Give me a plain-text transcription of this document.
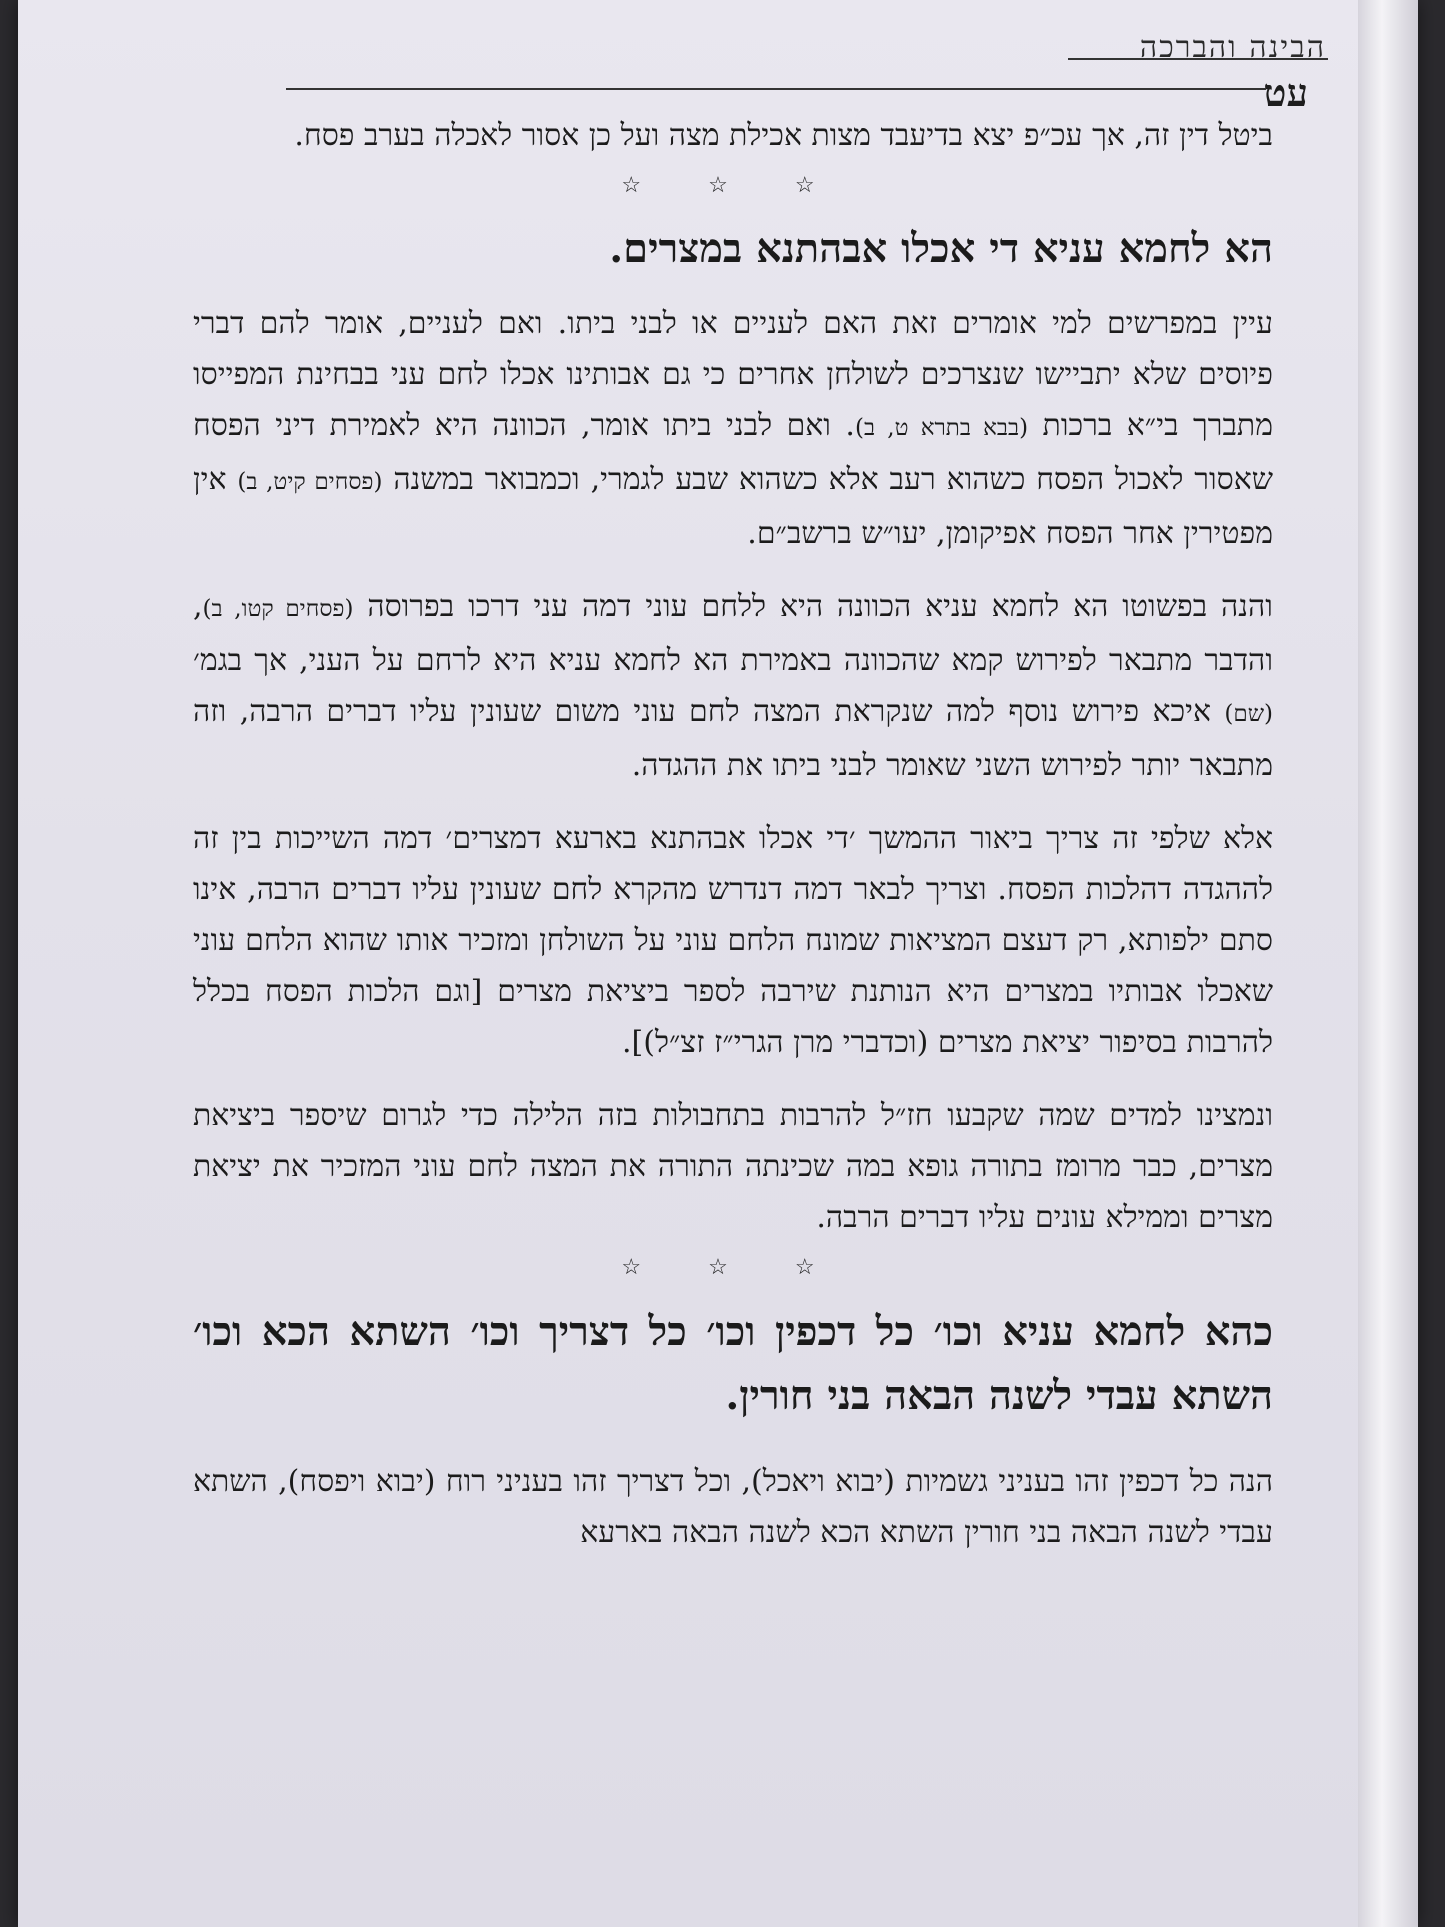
הבינה והברכה
עט

ביטל דין זה, אך עכ״פ יצא בדיעבד מצות אכילת מצה ועל כן אסור לאכלה בערב פסח.

☆ ☆ ☆
הא לחמא עניא די אכלו אבהתנא במצרים.

עיין במפרשים למי אומרים זאת האם לעניים או לבני ביתו. ואם לעניים, אומר להם דברי פיוסים שלא יתביישו שנצרכים לשולחן אחרים כי גם אבותינו אכלו לחם עני בבחינת המפייסו מתברך בי״א ברכות (בבא בתרא ט, ב). ואם לבני ביתו אומר, הכוונה היא לאמירת דיני הפסח שאסור לאכול הפסח כשהוא רעב אלא כשהוא שבע לגמרי, וכמבואר במשנה (פסחים קיט, ב) אין מפטירין אחר הפסח אפיקומן, יעו״ש ברשב״ם.

והנה בפשוטו הא לחמא עניא הכוונה היא ללחם עוני דמה עני דרכו בפרוסה (פסחים קטו, ב), והדבר מתבאר לפירוש קמא שהכוונה באמירת הא לחמא עניא היא לרחם על העני, אך בגמ׳ (שם) איכא פירוש נוסף למה שנקראת המצה לחם עוני משום שעונין עליו דברים הרבה, וזה מתבאר יותר לפירוש השני שאומר לבני ביתו את ההגדה.

אלא שלפי זה צריך ביאור ההמשך ׳די אכלו אבהתנא בארעא דמצרים׳ דמה השייכות בין זה לההגדה דהלכות הפסח. וצריך לבאר דמה דנדרש מהקרא לחם שעונין עליו דברים הרבה, אינו סתם ילפותא, רק דעצם המציאות שמונח הלחם עוני על השולחן ומזכיר אותו שהוא הלחם עוני שאכלו אבותיו במצרים היא הנותנת שירבה לספר ביציאת מצרים [וגם הלכות הפסח בכלל להרבות בסיפור יציאת מצרים (וכדברי מרן הגרי״ז זצ״ל)].

ונמצינו למדים שמה שקבעו חז״ל להרבות בתחבולות בזה הלילה כדי לגרום שיספר ביציאת מצרים, כבר מרומז בתורה גופא במה שכינתה התורה את המצה לחם עוני המזכיר את יציאת מצרים וממילא עונים עליו דברים הרבה.

☆ ☆ ☆
כהא לחמא עניא וכו׳ כל דכפין וכו׳ כל דצריך וכו׳ השתא הכא וכו׳ השתא עבדי לשנה הבאה בני חורין.

הנה כל דכפין זהו בעניני גשמיות (יבוא ויאכל), וכל דצריך זהו בעניני רוח (יבוא ויפסח), השתא עבדי לשנה הבאה בני חורין השתא הכא לשנה הבאה בארעא
